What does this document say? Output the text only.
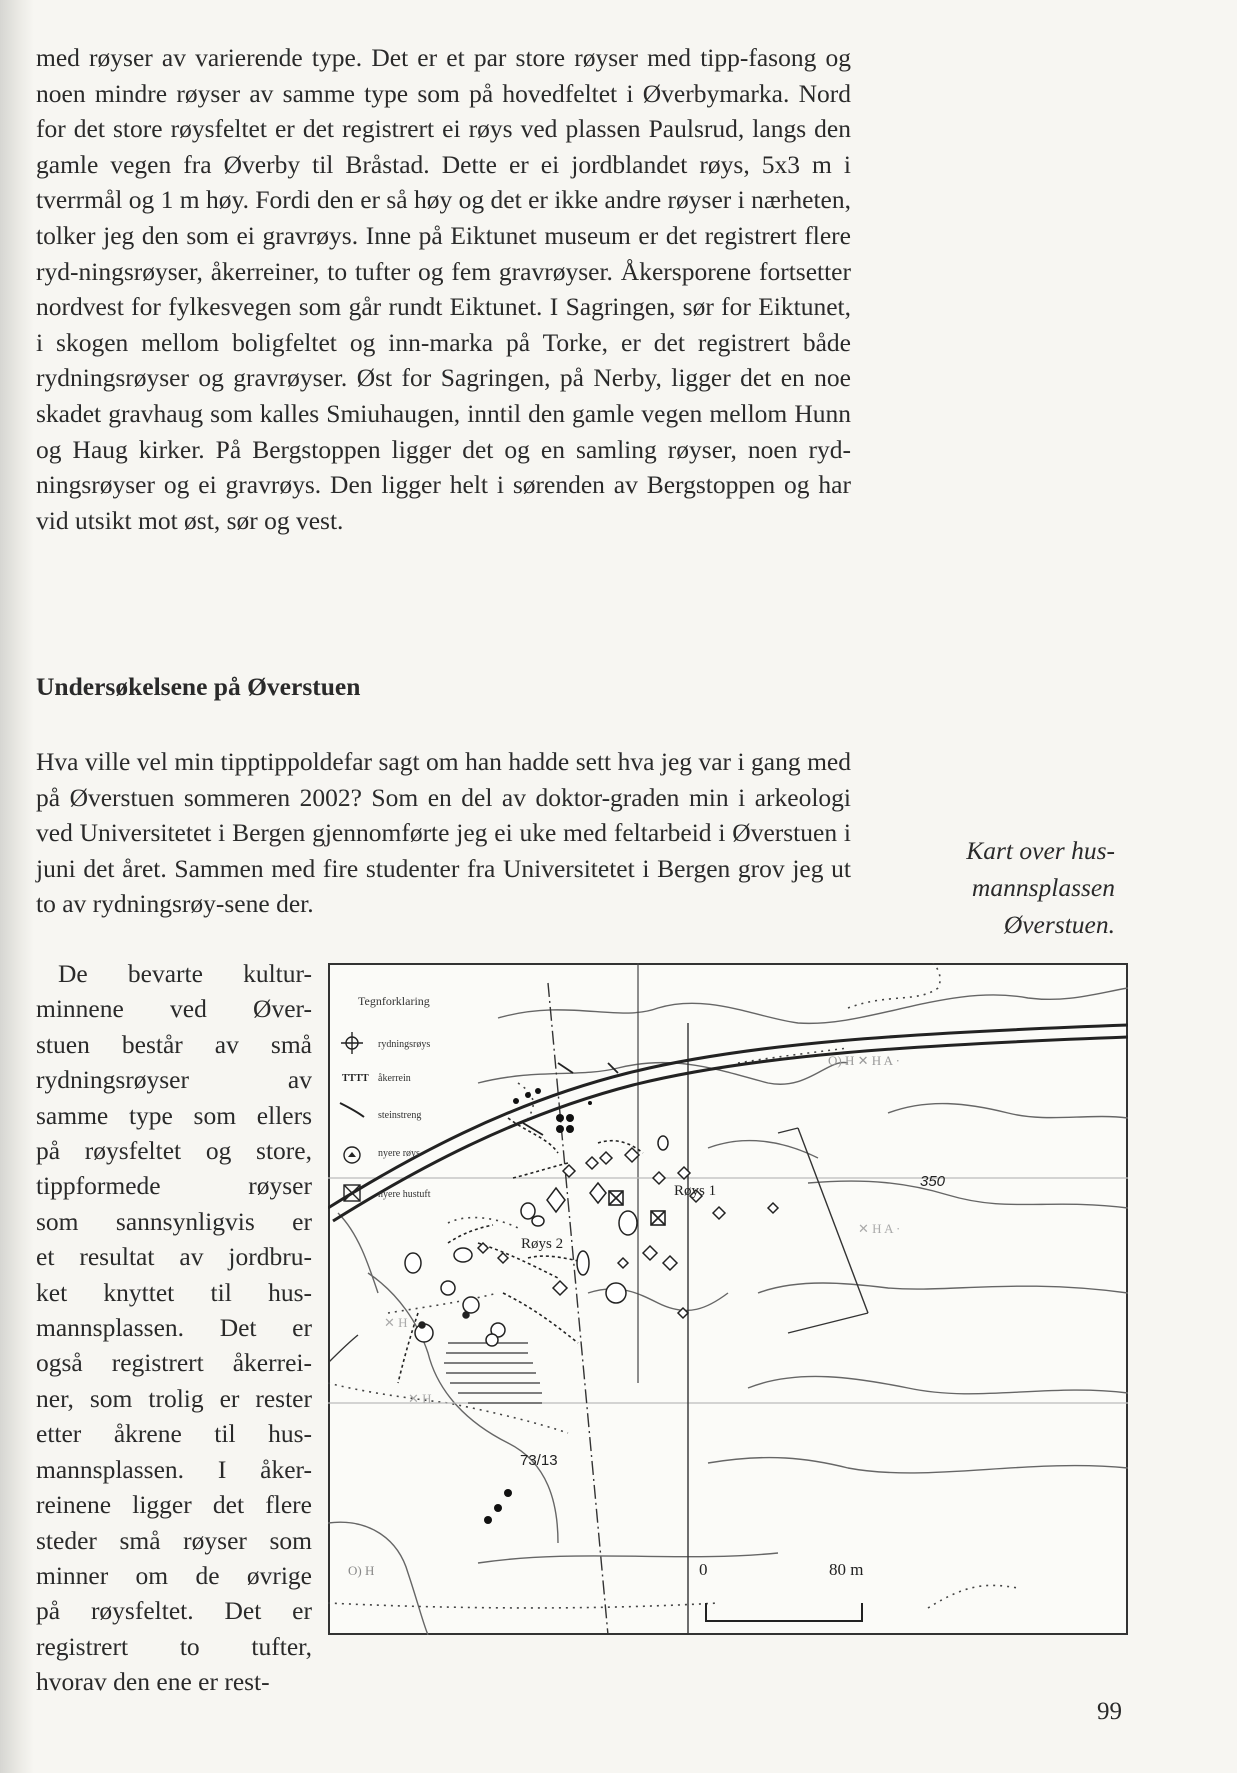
med røyser av varierende type. Det er et par store røyser med tipp-fasong og noen mindre røyser av samme type som på hovedfeltet i Øverbymarka. Nord for det store røysfeltet er det registrert ei røys ved plassen Paulsrud, langs den gamle vegen fra Øverby til Bråstad. Dette er ei jordblandet røys, 5x3 m i tverrmål og 1 m høy. Fordi den er så høy og det er ikke andre røyser i nærheten, tolker jeg den som ei gravrøys. Inne på Eiktunet museum er det registrert flere ryd-ningsrøyser, åkerreiner, to tufter og fem gravrøyser. Åkersporene fortsetter nordvest for fylkesvegen som går rundt Eiktunet. I Sagringen, sør for Eiktunet, i skogen mellom boligfeltet og inn-marka på Torke, er det registrert både rydningsrøyser og gravrøyser. Øst for Sagringen, på Nerby, ligger det en noe skadet gravhaug som kalles Smiuhaugen, inntil den gamle vegen mellom Hunn og Haug kirker. På Bergstoppen ligger det og en samling røyser, noen ryd-ningsrøyser og ei gravrøys. Den ligger helt i sørenden av Bergstoppen og har vid utsikt mot øst, sør og vest.

Undersøkelsene på Øverstuen

Hva ville vel min tipptippoldefar sagt om han hadde sett hva jeg var i gang med på Øverstuen sommeren 2002? Som en del av doktor-graden min i arkeologi ved Universitetet i Bergen gjennomførte jeg ei uke med feltarbeid i Øverstuen i juni det året. Sammen med fire studenter fra Universitetet i Bergen grov jeg ut to av rydningsrøy-sene der.

Kart over hus-mannsplassen Øverstuen.

De bevarte kultur-
minnene ved Øver-
stuen består av små
rydningsrøyser av
samme type som ellers
på røysfeltet og store,
tippformede røyser
som sannsynligvis er
et resultat av jordbru-
ket knyttet til hus-
mannsplassen. Det er
også registrert åkerrei-
ner, som trolig er rester
etter åkrene til hus-
mannsplassen. I åker-
reinene ligger det flere
steder små røyser som
minner om de øvrige
på røysfeltet. Det er
registrert to tufter,
hvorav den ene er rest-

Tegnforklaring
rydningsrøys
TTTT åkerrein
steinstreng
nyere røys
nyere hustuft	Røys 1
Røys 2
350
73/13
O) H ✕ H A ·
✕ H A ·
✕ H
✕ H
O) H	0	80 m

99
